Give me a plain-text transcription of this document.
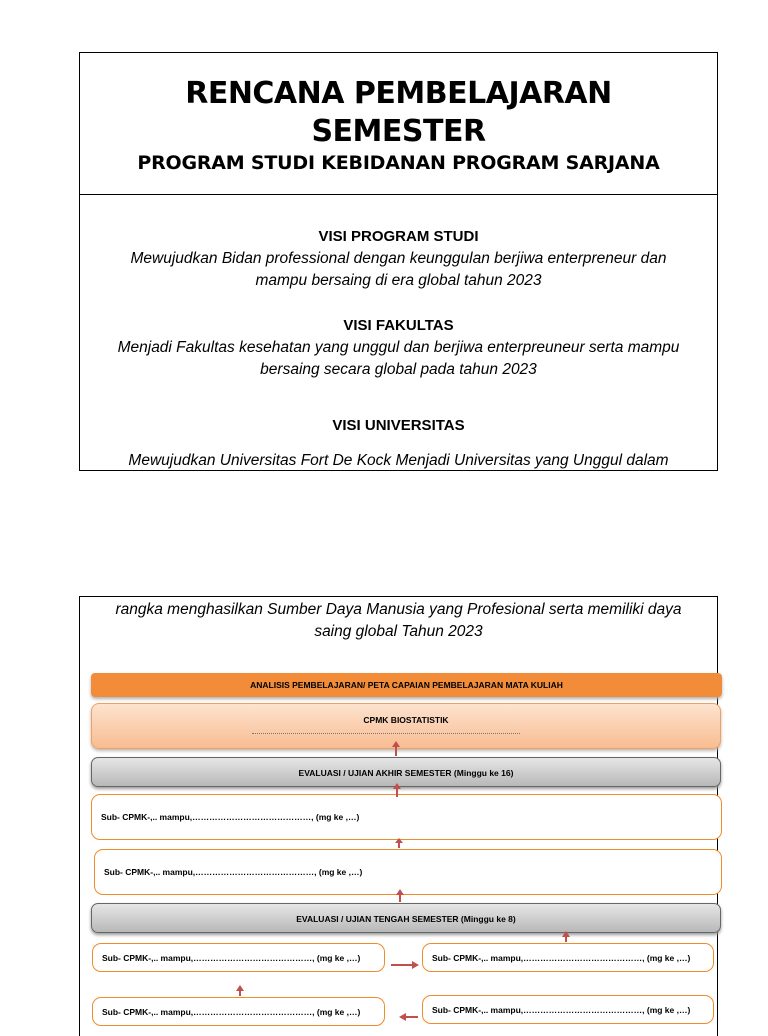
RENCANA PEMBELAJARAN
SEMESTER
PROGRAM STUDI KEBIDANAN PROGRAM SARJANA
VISI PROGRAM STUDI
Mewujudkan Bidan professional dengan keunggulan berjiwa enterpreneur dan
mampu bersaing di era global tahun 2023
VISI FAKULTAS
Menjadi Fakultas kesehatan yang unggul dan berjiwa enterpreuneur serta mampu
bersaing secara global pada tahun 2023
VISI UNIVERSITAS
Mewujudkan Universitas Fort De Kock Menjadi Universitas yang Unggul dalam
rangka menghasilkan Sumber Daya Manusia yang Profesional serta memiliki daya
saing global Tahun 2023
ANALISIS PEMBELAJARAN/ PETA CAPAIAN PEMBELAJARAN MATA KULIAH
CPMK BIOSTATISTIK
EVALUASI / UJIAN AKHIR SEMESTER (Minggu ke 16)
Sub- CPMK-,.. mampu,……………………………………, (mg ke ,…)
Sub- CPMK-,.. mampu,……………………………………, (mg ke ,…)
EVALUASI / UJIAN TENGAH SEMESTER (Minggu ke 8)
Sub- CPMK-,.. mampu,……………………………………, (mg ke ,…)	Sub- CPMK-,.. mampu,……………………………………, (mg ke ,…)
Sub- CPMK-,.. mampu,……………………………………, (mg ke ,…)	Sub- CPMK-,.. mampu,……………………………………, (mg ke ,…)
